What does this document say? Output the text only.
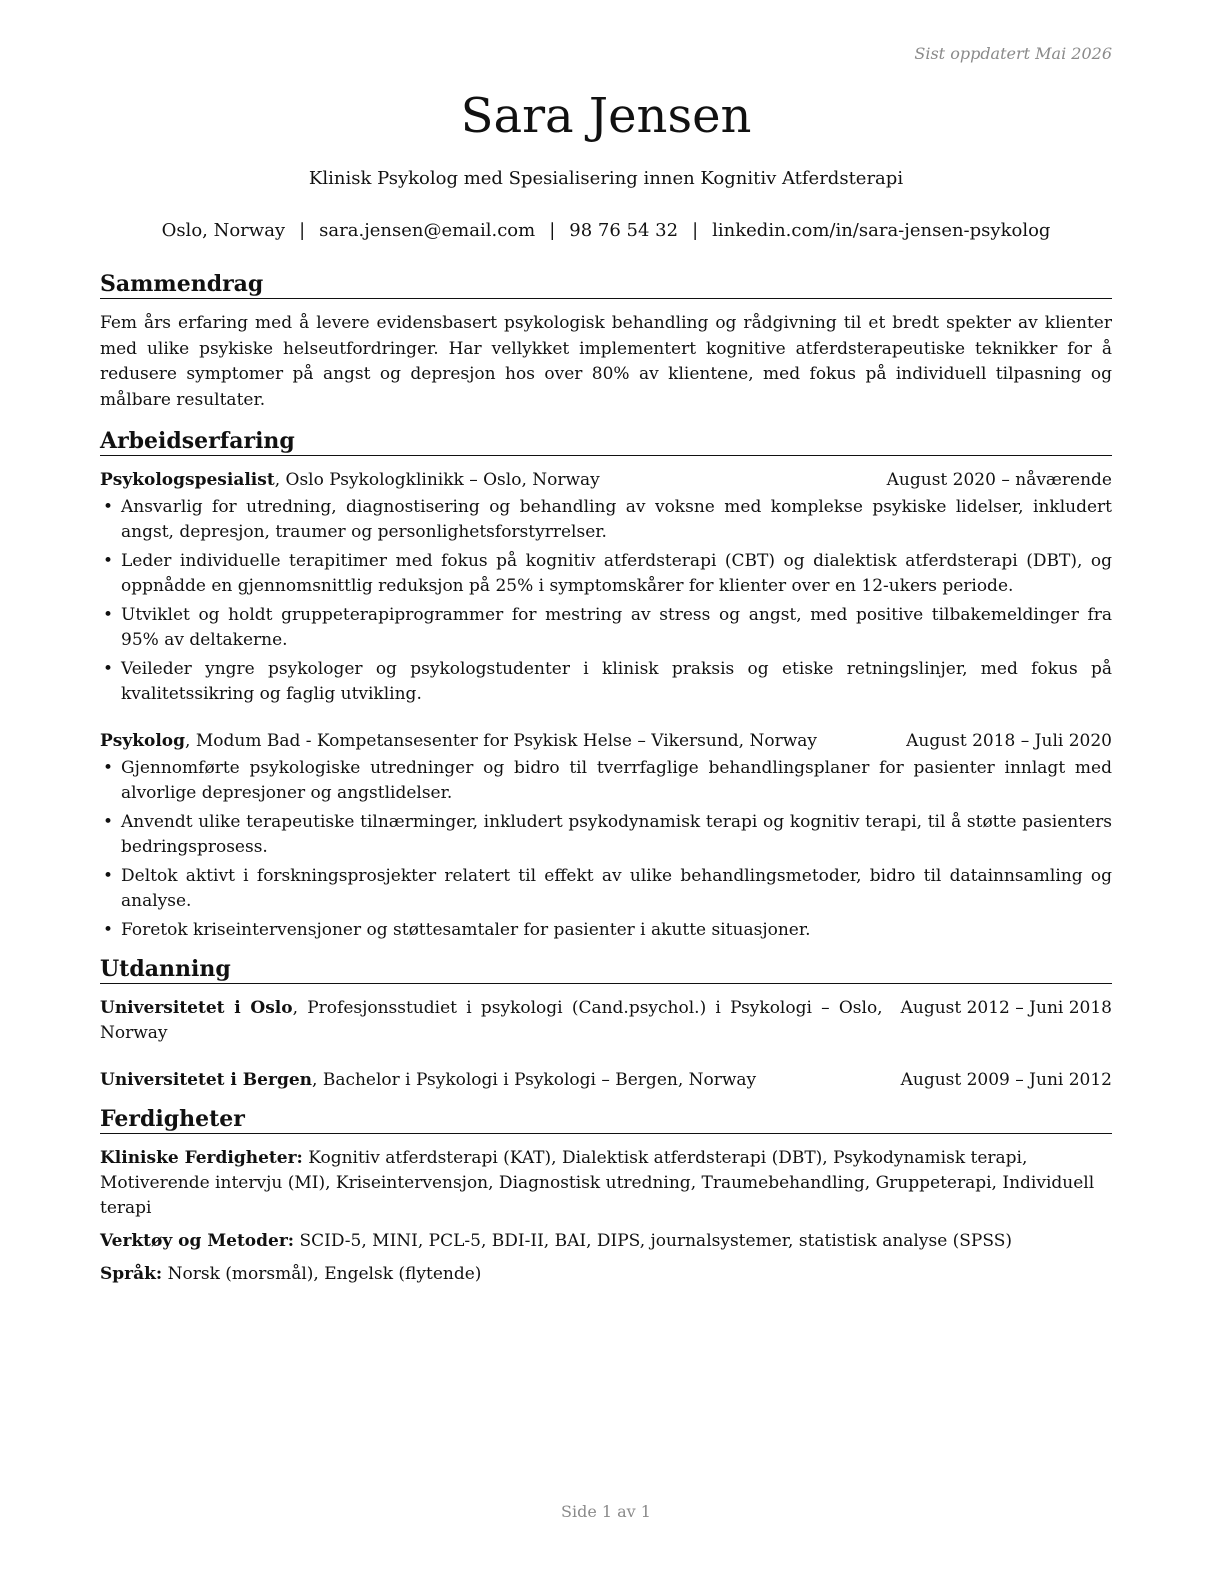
Sist oppdatert Mai 2026
Sara Jensen
Klinisk Psykolog med Spesialisering innen Kognitiv Atferdsterapi
Oslo, Norway | sara.jensen@email.com | 98 76 54 32 | linkedin.com/in/sara-jensen-psykolog
Sammendrag
Fem års erfaring med å levere evidensbasert psykologisk behandling og rådgivning til et bredt spekter av klienter med ulike psykiske helseutfordringer. Har vellykket implementert kognitive atferdsterapeutiske teknikker for å redusere symptomer på angst og depresjon hos over 80% av klientene, med fokus på individuell tilpasning og målbare resultater.
Arbeidserfaring
Psykologspesialist, Oslo Psykologklinikk – Oslo, Norway	August 2020 – nåværende
• Ansvarlig for utredning, diagnostisering og behandling av voksne med komplekse psykiske lidelser, inkludert angst, depresjon, traumer og personlighetsforstyrrelser.
• Leder individuelle terapitimer med fokus på kognitiv atferdsterapi (CBT) og dialektisk atferdsterapi (DBT), og oppnådde en gjennomsnittlig reduksjon på 25% i symptomskårer for klienter over en 12-ukers periode.
• Utviklet og holdt gruppeterapiprogrammer for mestring av stress og angst, med positive tilbakemeldinger fra 95% av deltakerne.
• Veileder yngre psykologer og psykologstudenter i klinisk praksis og etiske retningslinjer, med fokus på kvalitetssikring og faglig utvikling.
Psykolog, Modum Bad - Kompetansesenter for Psykisk Helse – Vikersund, Norway	August 2018 – Juli 2020
• Gjennomførte psykologiske utredninger og bidro til tverrfaglige behandlingsplaner for pasienter innlagt med alvorlige depresjoner og angstlidelser.
• Anvendt ulike terapeutiske tilnærminger, inkludert psykodynamisk terapi og kognitiv terapi, til å støtte pasienters bedringsprosess.
• Deltok aktivt i forskningsprosjekter relatert til effekt av ulike behandlingsmetoder, bidro til datainnsamling og analyse.
• Foretok kriseintervensjoner og støttesamtaler for pasienter i akutte situasjoner.
Utdanning
Universitetet i Oslo, Profesjonsstudiet i psykologi (Cand.psychol.) i Psykologi – Oslo, Norway
August 2012 – Juni 2018
Universitetet i Bergen, Bachelor i Psykologi i Psykologi – Bergen, Norway	August 2009 – Juni 2012
Ferdigheter
Kliniske Ferdigheter: Kognitiv atferdsterapi (KAT), Dialektisk atferdsterapi (DBT), Psykodynamisk terapi, Motiverende intervju (MI), Kriseintervensjon, Diagnostisk utredning, Traumebehandling, Gruppeterapi, Individuell terapi
Verktøy og Metoder: SCID-5, MINI, PCL-5, BDI-II, BAI, DIPS, journalsystemer, statistisk analyse (SPSS)
Språk: Norsk (morsmål), Engelsk (flytende)
Side 1 av 1
